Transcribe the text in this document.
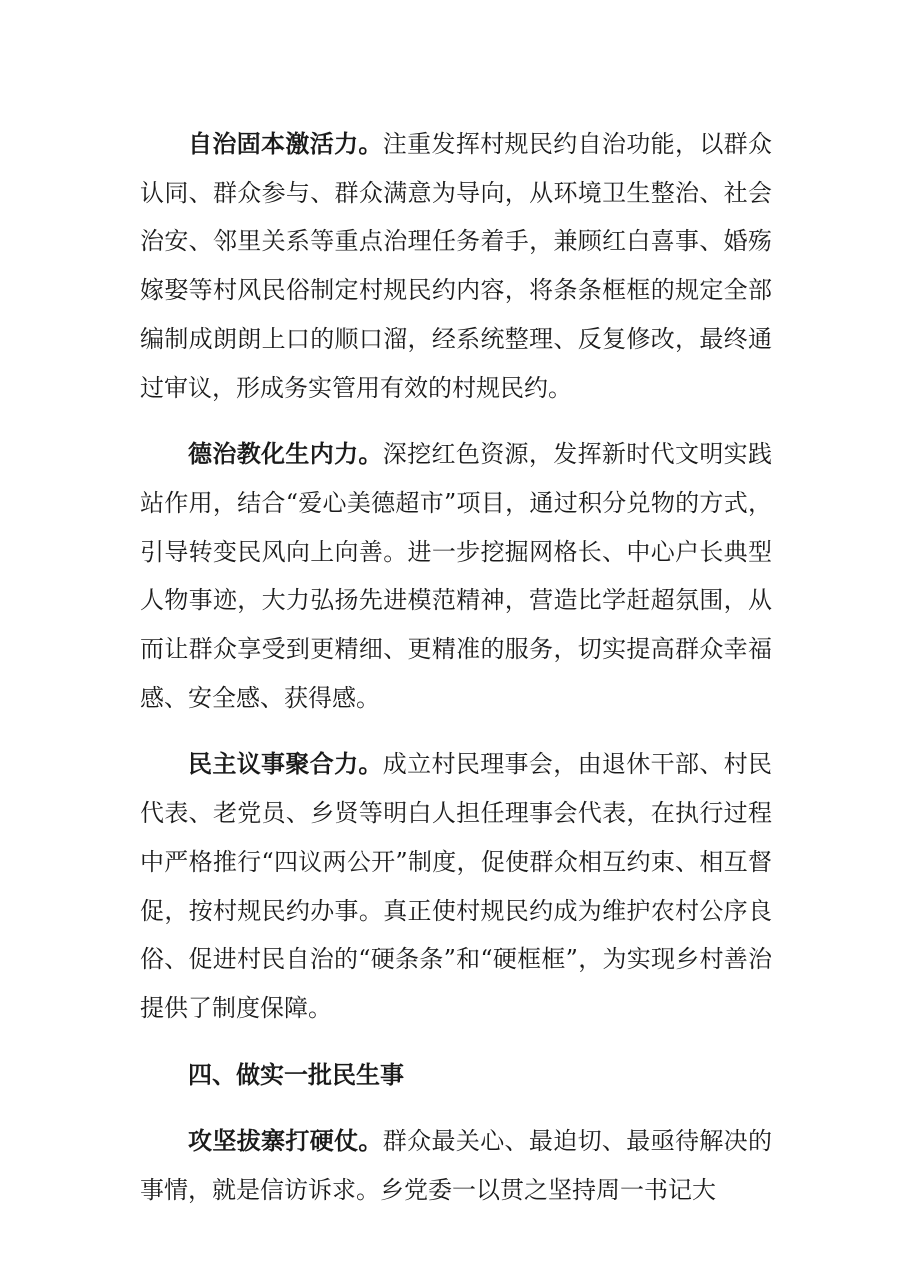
自治固本激活力。注重发挥村规民约自治功能，以群众认同、群众参与、群众满意为导向，从环境卫生整治、社会治安、邻里关系等重点治理任务着手，兼顾红白喜事、婚殇嫁娶等村风民俗制定村规民约内容，将条条框框的规定全部编制成朗朗上口的顺口溜，经系统整理、反复修改，最终通过审议，形成务实管用有效的村规民约。

德治教化生内力。深挖红色资源，发挥新时代文明实践站作用，结合“爱心美德超市”项目，通过积分兑物的方式，引导转变民风向上向善。进一步挖掘网格长、中心户长典型人物事迹，大力弘扬先进模范精神，营造比学赶超氛围，从而让群众享受到更精细、更精准的服务，切实提高群众幸福感、安全感、获得感。

民主议事聚合力。成立村民理事会，由退休干部、村民代表、老党员、乡贤等明白人担任理事会代表，在执行过程中严格推行“四议两公开”制度，促使群众相互约束、相互督促，按村规民约办事。真正使村规民约成为维护农村公序良俗、促进村民自治的“硬条条”和“硬框框”，为实现乡村善治提供了制度保障。

四、做实一批民生事

攻坚拔寨打硬仗。群众最关心、最迫切、最亟待解决的事情，就是信访诉求。乡党委一以贯之坚持周一书记大
